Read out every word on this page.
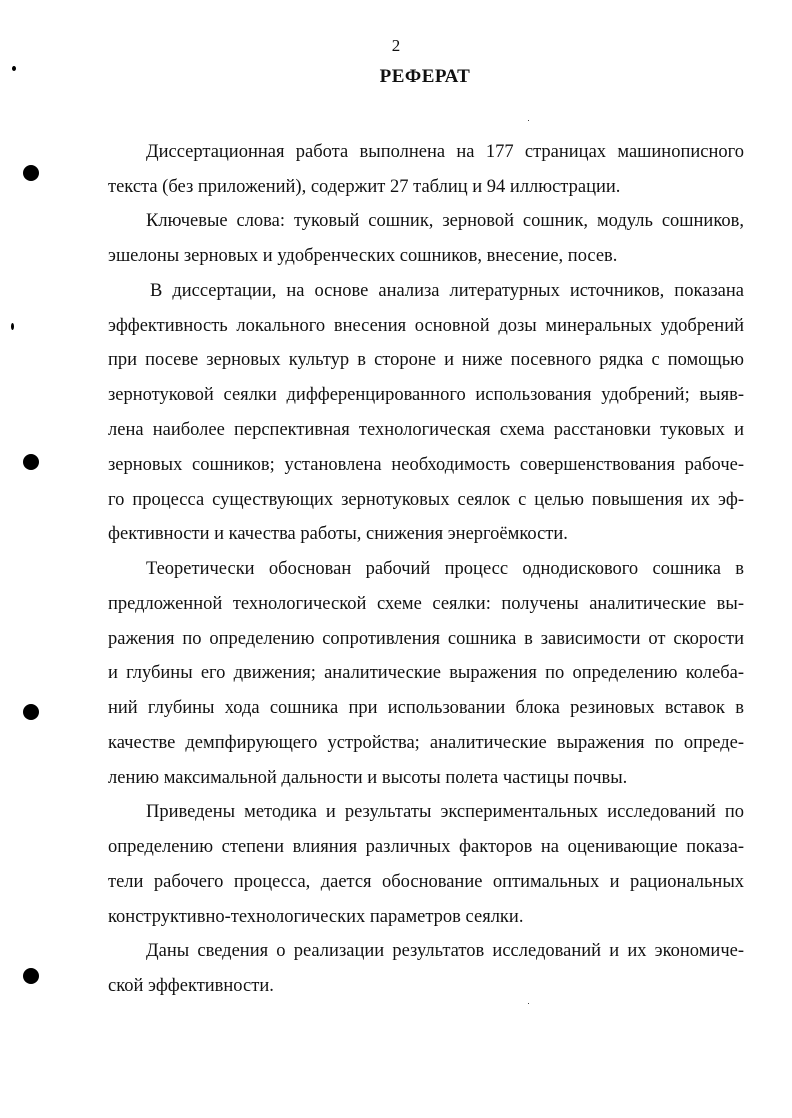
2
РЕФЕРАТ
Диссертационная работа выполнена на 177 страницах машинописного
текста (без приложений), содержит 27 таблиц и 94 иллюстрации.
Ключевые слова: туковый сошник, зерновой сошник, модуль сошников,
эшелоны зерновых и удобренческих сошников, внесение, посев.
В диссертации, на основе анализа литературных источников, показана
эффективность локального внесения основной дозы минеральных удобрений
при посеве зерновых культур в стороне и ниже посевного рядка с помощью
зернотуковой сеялки дифференцированного использования удобрений; выяв-
лена наиболее перспективная технологическая схема расстановки туковых и
зерновых сошников; установлена необходимость совершенствования рабоче-
го процесса существующих зернотуковых сеялок с целью повышения их эф-
фективности и качества работы, снижения энергоёмкости.
Теоретически обоснован рабочий процесс однодискового сошника в
предложенной технологической схеме сеялки: получены аналитические вы-
ражения по определению сопротивления сошника в зависимости от скорости
и глубины его движения; аналитические выражения по определению колеба-
ний глубины хода сошника при использовании блока резиновых вставок в
качестве демпфирующего устройства; аналитические выражения по опреде-
лению максимальной дальности и высоты полета частицы почвы.
Приведены методика и результаты экспериментальных исследований по
определению степени влияния различных факторов на оценивающие показа-
тели рабочего процесса, дается обоснование оптимальных и рациональных
конструктивно-технологических параметров сеялки.
Даны сведения о реализации результатов исследований и их экономиче-
ской эффективности.
